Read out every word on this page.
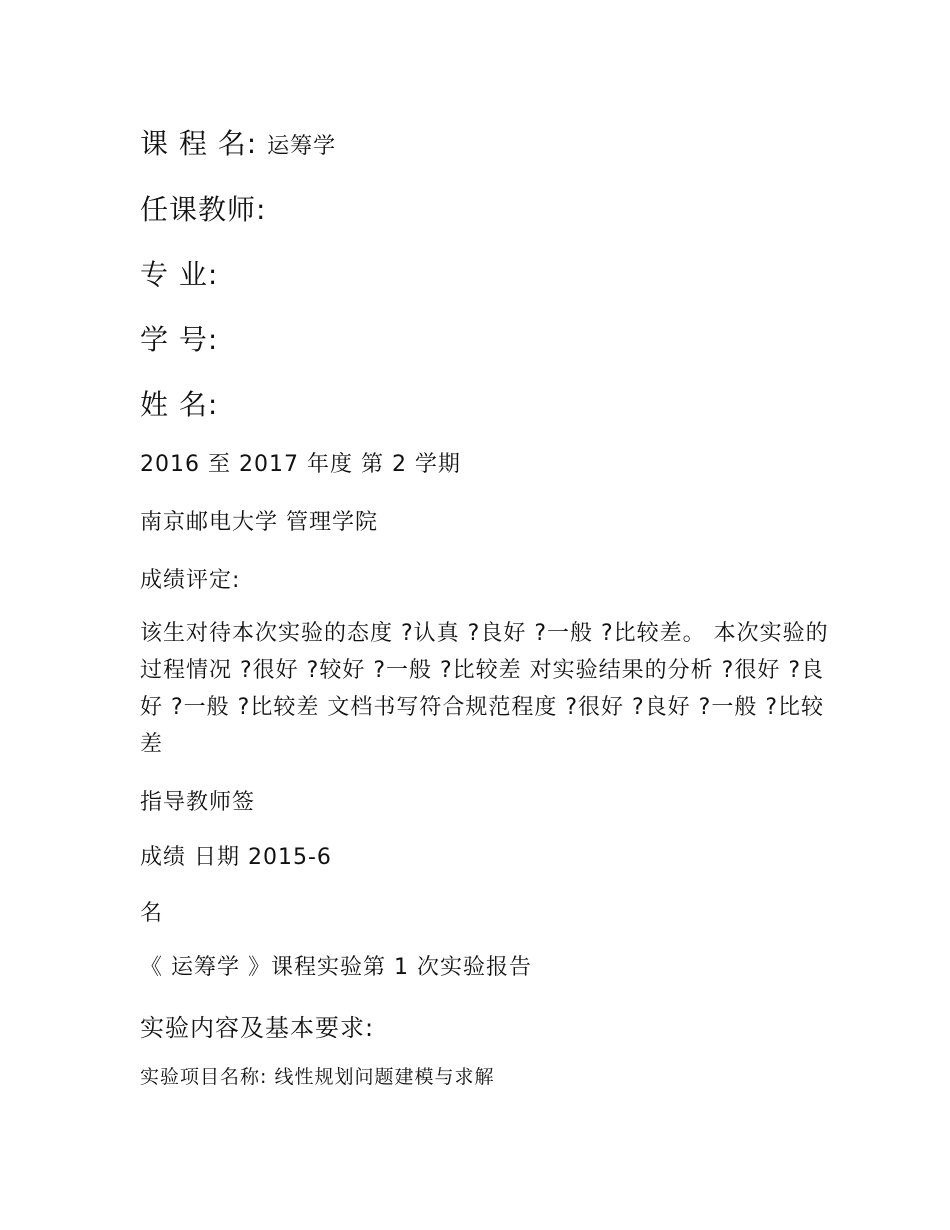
课 程 名: 运筹学
任课教师:
专 业:
学 号:
姓 名:
2016 至 2017 年度 第 2 学期
南京邮电大学 管理学院
成绩评定:
该生对待本次实验的态度 ?认真 ?良好 ?一般 ?比较差。 本次实验的过程情况 ?很好 ?较好 ?一般 ?比较差 对实验结果的分析 ?很好 ?良好 ?一般 ?比较差 文档书写符合规范程度 ?很好 ?良好 ?一般 ?比较差
指导教师签
成绩 日期 2015-6
名
《 运筹学 》课程实验第 1 次实验报告
实验内容及基本要求:
实验项目名称: 线性规划问题建模与求解
